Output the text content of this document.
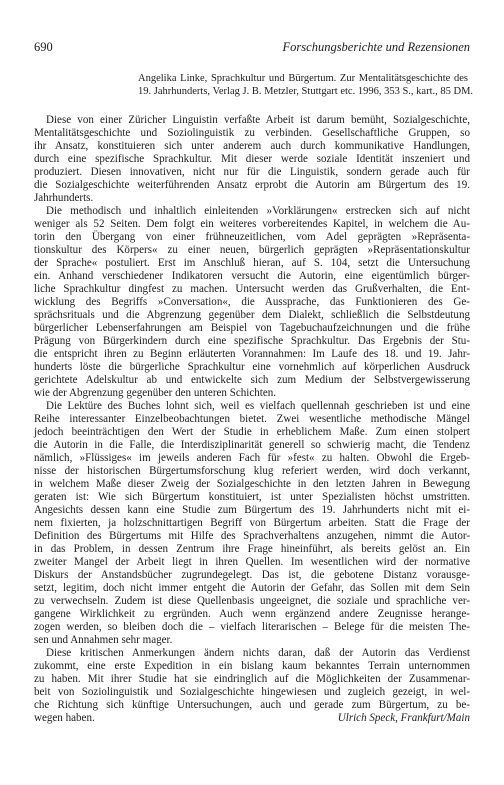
690	Forschungsberichte und Rezensionen
Angelika Linke, Sprachkultur und Bürgertum. Zur Mentalitätsgeschichte des
19. Jahrhunderts, Verlag J. B. Metzler, Stuttgart etc. 1996, 353 S., kart., 85 DM.
Diese von einer Züricher Linguistin verfaßte Arbeit ist darum bemüht, Sozialgeschichte,
Mentalitätsgeschichte und Soziolinguistik zu verbinden. Gesellschaftliche Gruppen, so
ihr Ansatz, konstituieren sich unter anderem auch durch kommunikative Handlungen,
durch eine spezifische Sprachkultur. Mit dieser werde soziale Identität inszeniert und
produziert. Diesen innovativen, nicht nur für die Linguistik, sondern gerade auch für
die Sozialgeschichte weiterführenden Ansatz erprobt die Autorin am Bürgertum des 19.
Jahrhunderts.
Die methodisch und inhaltlich einleitenden »Vorklärungen« erstrecken sich auf nicht
weniger als 52 Seiten. Dem folgt ein weiteres vorbereitendes Kapitel, in welchem die Au-
torin den Übergang von einer frühneuzeitlichen, vom Adel geprägten »Repräsenta-
tionskultur des Körpers« zu einer neuen, bürgerlich geprägten »Repräsentationskultur
der Sprache« postuliert. Erst im Anschluß hieran, auf S. 104, setzt die Untersuchung
ein. Anhand verschiedener Indikatoren versucht die Autorin, eine eigentümlich bürger-
liche Sprachkultur dingfest zu machen. Untersucht werden das Grußverhalten, die Ent-
wicklung des Begriffs »Conversation«, die Aussprache, das Funktionieren des Ge-
sprächsrituals und die Abgrenzung gegenüber dem Dialekt, schließlich die Selbstdeutung
bürgerlicher Lebenserfahrungen am Beispiel von Tagebuchaufzeichnungen und die frühe
Prägung von Bürgerkindern durch eine spezifische Sprachkultur. Das Ergebnis der Stu-
die entspricht ihren zu Beginn erläuterten Vorannahmen: Im Laufe des 18. und 19. Jahr-
hunderts löste die bürgerliche Sprachkultur eine vornehmlich auf körperlichen Ausdruck
gerichtete Adelskultur ab und entwickelte sich zum Medium der Selbstvergewisserung
wie der Abgrenzung gegenüber den unteren Schichten.
Die Lektüre des Buches lohnt sich, weil es vielfach quellennah geschrieben ist und eine
Reihe interessanter Einzelbeobachtungen bietet. Zwei wesentliche methodische Mängel
jedoch beeinträchtigen den Wert der Studie in erheblichem Maße. Zum einen stolpert
die Autorin in die Falle, die Interdisziplinarität generell so schwierig macht, die Tendenz
nämlich, »Flüssiges« im jeweils anderen Fach für »fest« zu halten. Obwohl die Ergeb-
nisse der historischen Bürgertumsforschung klug referiert werden, wird doch verkannt,
in welchem Maße dieser Zweig der Sozialgeschichte in den letzten Jahren in Bewegung
geraten ist: Wie sich Bürgertum konstituiert, ist unter Spezialisten höchst umstritten.
Angesichts dessen kann eine Studie zum Bürgertum des 19. Jahrhunderts nicht mit ei-
nem fixierten, ja holzschnittartigen Begriff von Bürgertum arbeiten. Statt die Frage der
Definition des Bürgertums mit Hilfe des Sprachverhaltens anzugehen, nimmt die Autor-
in das Problem, in dessen Zentrum ihre Frage hineinführt, als bereits gelöst an. Ein
zweiter Mangel der Arbeit liegt in ihren Quellen. Im wesentlichen wird der normative
Diskurs der Anstandsbücher zugrundegelegt. Das ist, die gebotene Distanz vorausge-
setzt, legitim, doch nicht immer entgeht die Autorin der Gefahr, das Sollen mit dem Sein
zu verwechseln. Zudem ist diese Quellenbasis ungeeignet, die soziale und sprachliche ver-
gangene Wirklichkeit zu ergründen. Auch wenn ergänzend andere Zeugnisse herange-
zogen werden, so bleiben doch die – vielfach literarischen – Belege für die meisten The-
sen und Annahmen sehr mager.
Diese kritischen Anmerkungen ändern nichts daran, daß der Autorin das Verdienst
zukommt, eine erste Expedition in ein bislang kaum bekanntes Terrain unternommen
zu haben. Mit ihrer Studie hat sie eindringlich auf die Möglichkeiten der Zusammenar-
beit von Soziolinguistik und Sozialgeschichte hingewiesen und zugleich gezeigt, in wel-
che Richtung sich künftige Untersuchungen, auch und gerade zum Bürgertum, zu be-
wegen haben.	Ulrich Speck, Frankfurt/Main
